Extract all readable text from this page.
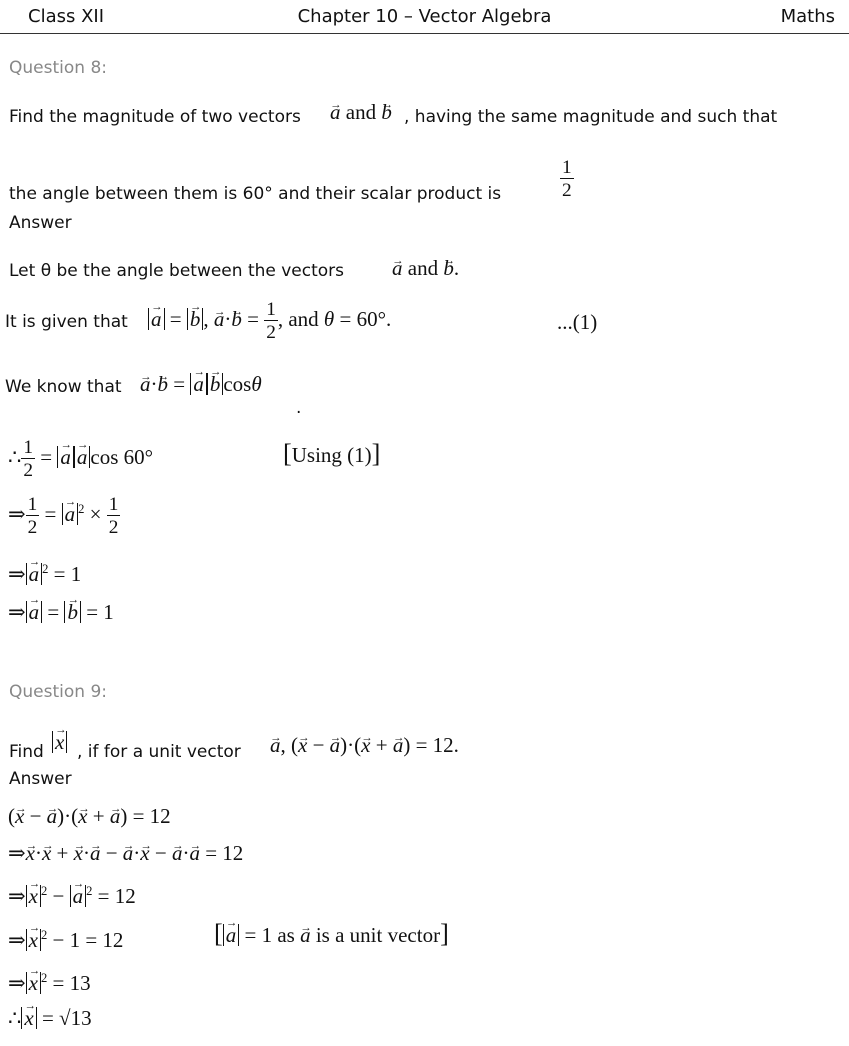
Class XII	Chapter 10 – Vector Algebra	Maths
Question 8:
Find the magnitude of two vectors → a and → b , having the same magnitude and such that
the angle between them is 60° and their scalar product is	$\frac{1}{2}$
Answer
Let θ be the angle between the vectors → a and → b.
It is given that → a = → b , → $a\cdot\to b = \frac{1}{2}$ , and θ = 60°.	...(1)
We know that → a·→ b = → a → b cosθ
.
∴ $\frac{1}{2}$ = → a → a cos 60°	[Using (1)]
⇒ $\frac{1}{2}$ = → a $^2 \times \frac{1}{2}$
⇒ → a $^2$ = 1
⇒ → a = → b = 1
Question 9:
Find → x , if for a unit vector → a, (→ x − → a)·(→ x + → a) = 12.
Answer
(→ x − → a)·(→ x + → a) = 12
⇒→ x·→ x + → x·→ a − → a·→ x − → a·→ a = 12
⇒ → x $^2$ − → a $^2$ = 12
⇒ → x $^2$ − 1 = 12	[ → a = 1 as → a is a unit vector]
⇒ → x $^2$ = 13
∴ → x = √13
